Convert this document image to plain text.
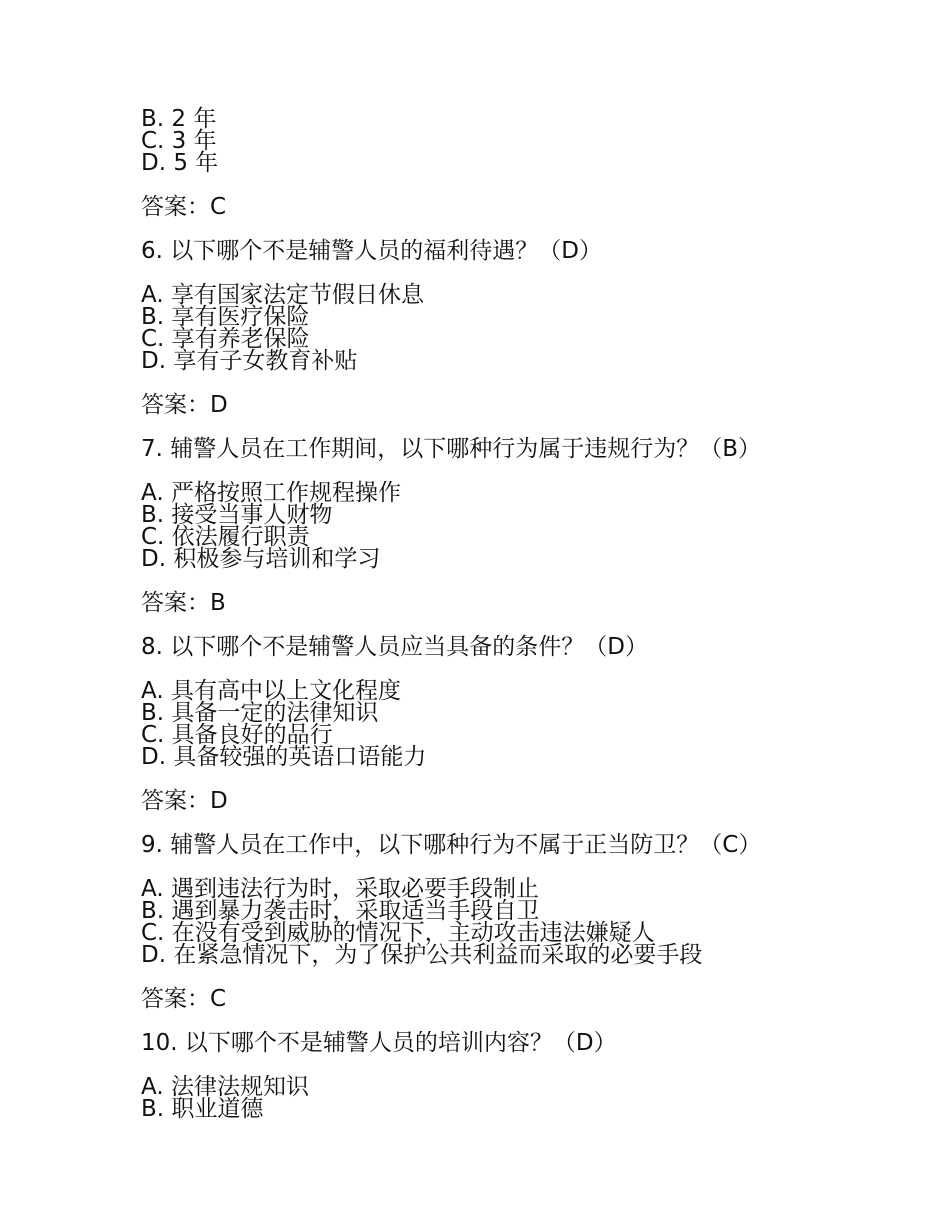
B. 2 年
C. 3 年
D. 5 年
答案：C
6. 以下哪个不是辅警人员的福利待遇？（D）
A. 享有国家法定节假日休息
B. 享有医疗保险
C. 享有养老保险
D. 享有子女教育补贴
答案：D
7. 辅警人员在工作期间，以下哪种行为属于违规行为？（B）
A. 严格按照工作规程操作
B. 接受当事人财物
C. 依法履行职责
D. 积极参与培训和学习
答案：B
8. 以下哪个不是辅警人员应当具备的条件？（D）
A. 具有高中以上文化程度
B. 具备一定的法律知识
C. 具备良好的品行
D. 具备较强的英语口语能力
答案：D
9. 辅警人员在工作中，以下哪种行为不属于正当防卫？（C）
A. 遇到违法行为时，采取必要手段制止
B. 遇到暴力袭击时，采取适当手段自卫
C. 在没有受到威胁的情况下，主动攻击违法嫌疑人
D. 在紧急情况下，为了保护公共利益而采取的必要手段
答案：C
10. 以下哪个不是辅警人员的培训内容？（D）
A. 法律法规知识
B. 职业道德
